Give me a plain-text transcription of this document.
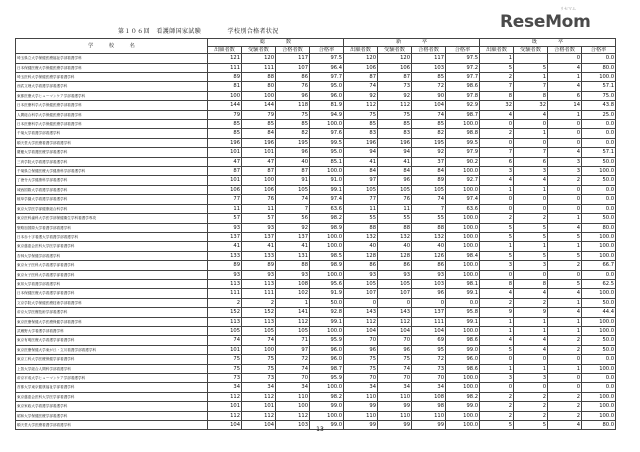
第１０６回　看護師国家試験	学校別合格者状況	ReseMom
リセマム
学　　　校　　　名	総　　　　数				新　　　　卒				既　　　　卒			
	出願者数	受験者数	合格者数	合格率	出願者数	受験者数	合格者数	合格率	出願者数	受験者数	合格者数	合格率
埼玉県立大学保健医療福祉学部看護学科	121	120	117	97.5	120	120	117	97.5	1		0	0.0
日本保健医療大学保健医療学部看護学科	111	111	107	96.4	106	106	103	97.2	5	5	4	80.0
埼玉医科大学保健医療学部看護学科	89	88	86	97.7	87	87	85	97.7	2	1	1	100.0
西武文理大学看護学部看護学科	81	80	76	95.0	74	73	72	98.6	7	7	4	57.1
東都医療大学ヒューマンケア学部看護学科	100	100	96	96.0	92	92	90	97.8	8	8	6	75.0
日本医療科学大学保健医療学部看護学科	144	144	118	81.9	112	112	104	92.9	32	32	14	43.8
人間総合科学大学保健医療学部看護学科	79	79	75	94.9	75	75	74	98.7	4	4	1	25.0
日本医療科学大学保健医療学部看護学科	85	85	85	100.0	85	85	85	100.0	0	0	0	0.0
千葉大学看護学部看護学科	85	84	82	97.6	83	83	82	98.8	2	1	0	0.0
順天堂大学医療看護学部看護学科	196	196	195	99.5	196	196	195	99.5	0	0	0	0.0
慶應大学看護医療学部看護学科	101	101	96	95.0	94	94	92	97.9	7	7	4	57.1
三育学院大学看護学部看護学科	47	47	40	85.1	41	41	37	90.2	6	6	3	50.0
千葉県立保健医療大学健康科学部看護学科	87	87	87	100.0	84	84	84	100.0	3	3	3	100.0
了徳寺大学健康科学部看護学科	101	100	91	91.0	97	96	89	92.7	4	4	2	50.0
城西国際大学看護学部看護学科	106	106	105	99.1	105	105	105	100.0	1	1	0	0.0
植草学園大学看護学部看護学科	77	76	74	97.4	77	76	74	97.4	0	0	0	0.0
東京大学医学部健康総合科学科	11	11	7	63.6	11	11	7	63.6	0	0	0	0.0
東京医科歯科大学医学部保健衛生学科看護学専攻	57	57	56	98.2	55	55	55	100.0	2	2	1	50.0
聖路加国際大学看護学部看護学科	93	93	92	98.9	88	88	88	100.0	5	5	4	80.0
日本赤十字看護大学看護学部看護学科	137	137	137	100.0	132	132	132	100.0	5	5	5	100.0
東京慈恵会医科大学医学部看護学科	41	41	41	100.0	40	40	40	100.0	1	1	1	100.0
杏林大学保健学部看護学科	133	133	131	98.5	128	128	126	98.4	5	5	5	100.0
東京女子医科大学看護学部看護学科	89	89	88	98.9	86	86	86	100.0	3	3	2	66.7
東京女子医科大学看護学部看護学科	93	93	93	100.0	93	93	93	100.0	0	0	0	0.0
東邦大学看護学部看護学科	113	113	108	95.6	105	105	103	98.1	8	8	5	62.5
日本保健医療大学看護学部看護学科	111	111	102	91.9	107	107	96	99.1	4	4	4	100.0
文京学院大学保健医療技術学部看護学科	2	2	1	50.0	0	0	0	0.0	2	2	1	50.0
帝京大学医療技術学部看護学科	152	152	141	92.8	143	143	137	95.8	9	9	4	44.4
東京医療保健大学医療保健学部看護学科	113	113	112	99.1	112	112	111	99.1	1	1	1	100.0
武蔵野大学看護学部看護学科	105	105	105	100.0	104	104	104	100.0	1	1	1	100.0
東京有明医療大学看護学部看護学科	74	74	71	95.9	70	70	69	98.6	4	4	2	50.0
東京医療保健大学東が丘・立川看護学部看護学科	101	100	97	96.0	96	96	95	99.0	5	4	2	50.0
東京工科大学医療保健学部看護学科	75	75	72	96.0	75	75	72	96.0	0	0	0	0.0
上智大学総合人間科学部看護学科	75	75	74	98.7	75	74	73	98.6	1	1	1	100.0
帝京平成大学ヒューマンケア学部看護学科	73	73	70	95.9	70	70	70	100.0	3	3	0	0.0
首都大学東京健康福祉学部看護学科	34	34	34	100.0	34	34	34	100.0	0	0	0	0.0
東京慈恵会医科大学医学部看護学科	112	112	110	98.2	110	110	108	98.2	2	2	2	100.0
東京家政大学看護学部看護学科	101	101	100	99.0	99	99	98	99.0	2	2	2	100.0
昭和大学保健医療学部看護学科	112	112	112	100.0	110	110	110	100.0	2	2	2	100.0
順天堂大学医療看護学部看護学科	104	104	103	99.0	99	99	99	100.0	5	5	4	80.0
13
